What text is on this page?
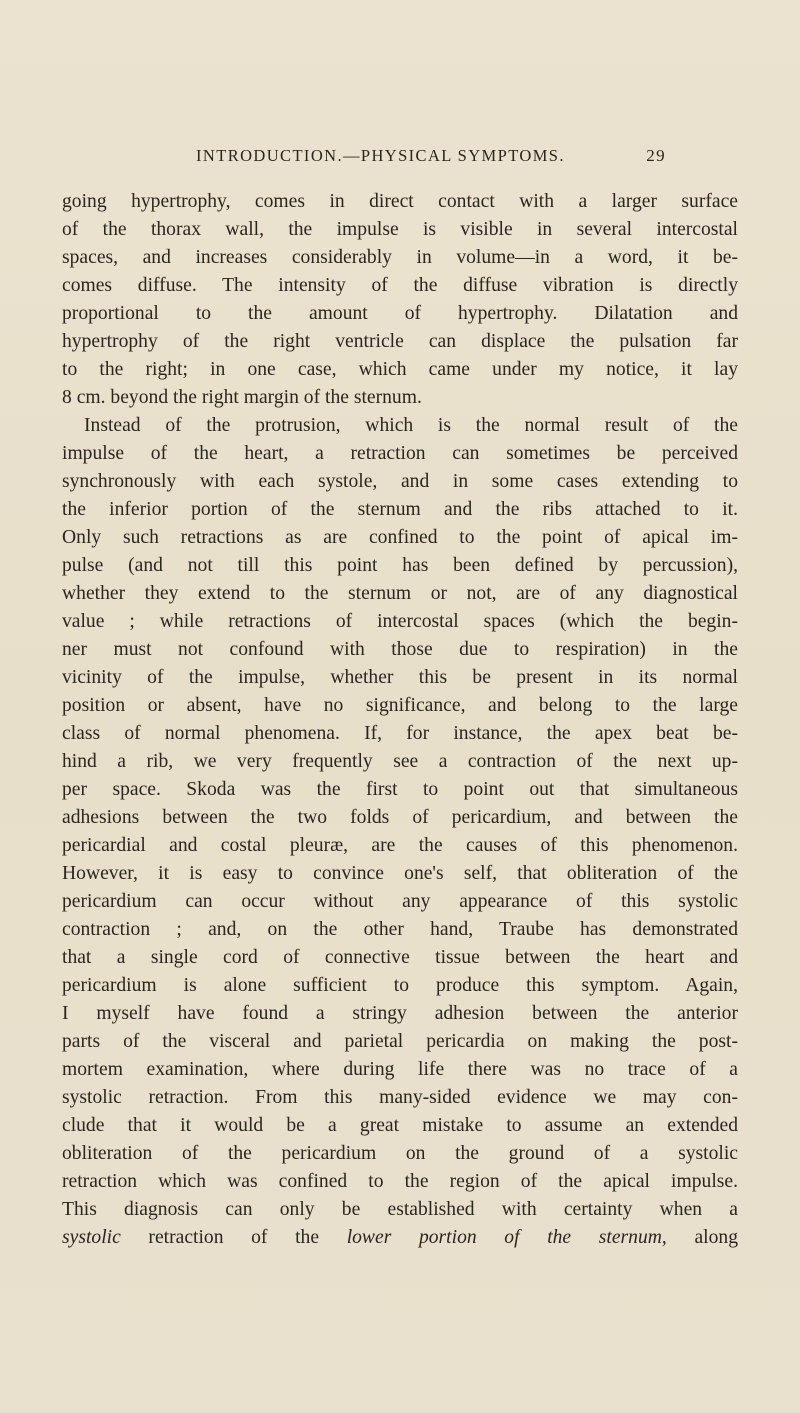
INTRODUCTION.—PHYSICAL SYMPTOMS.	29
going hypertrophy, comes in direct contact with a larger surface
of the thorax wall, the impulse is visible in several intercostal
spaces, and increases considerably in volume—in a word, it be-
comes diffuse. The intensity of the diffuse vibration is directly
proportional to the amount of hypertrophy. Dilatation and
hypertrophy of the right ventricle can displace the pulsation far
to the right; in one case, which came under my notice, it lay
8 cm. beyond the right margin of the sternum.
Instead of the protrusion, which is the normal result of the
impulse of the heart, a retraction can sometimes be perceived
synchronously with each systole, and in some cases extending to
the inferior portion of the sternum and the ribs attached to it.
Only such retractions as are confined to the point of apical im-
pulse (and not till this point has been defined by percussion),
whether they extend to the sternum or not, are of any diagnostical
value ; while retractions of intercostal spaces (which the begin-
ner must not confound with those due to respiration) in the
vicinity of the impulse, whether this be present in its normal
position or absent, have no significance, and belong to the large
class of normal phenomena. If, for instance, the apex beat be-
hind a rib, we very frequently see a contraction of the next up-
per space. Skoda was the first to point out that simultaneous
adhesions between the two folds of pericardium, and between the
pericardial and costal pleuræ, are the causes of this phenomenon.
However, it is easy to convince one's self, that obliteration of the
pericardium can occur without any appearance of this systolic
contraction ; and, on the other hand, Traube has demonstrated
that a single cord of connective tissue between the heart and
pericardium is alone sufficient to produce this symptom. Again,
I myself have found a stringy adhesion between the anterior
parts of the visceral and parietal pericardia on making the post-
mortem examination, where during life there was no trace of a
systolic retraction. From this many-sided evidence we may con-
clude that it would be a great mistake to assume an extended
obliteration of the pericardium on the ground of a systolic
retraction which was confined to the region of the apical impulse.
This diagnosis can only be established with certainty when a
systolic retraction of the lower portion of the sternum, along
